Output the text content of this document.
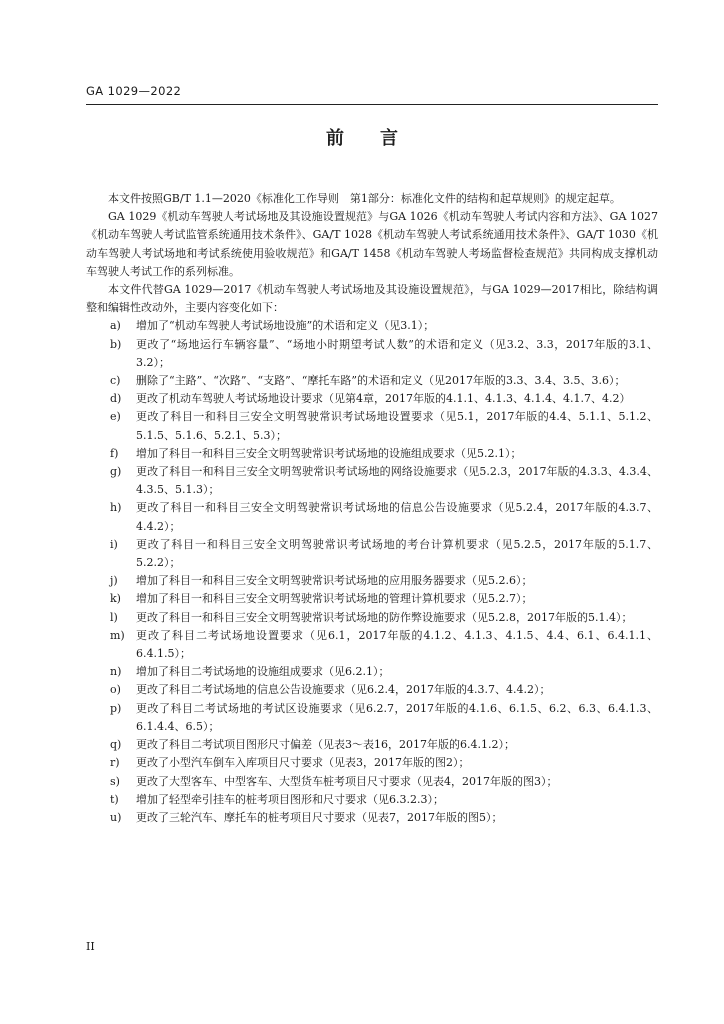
GA 1029—2022
前　　言

本文件按照GB/T 1.1—2020《标准化工作导则　第1部分：标准化文件的结构和起草规则》的规定起草。

GA 1029《机动车驾驶人考试场地及其设施设置规范》与GA 1026《机动车驾驶人考试内容和方法》、GA 1027《机动车驾驶人考试监管系统通用技术条件》、GA/T 1028《机动车驾驶人考试系统通用技术条件》、GA/T 1030《机动车驾驶人考试场地和考试系统使用验收规范》和GA/T 1458《机动车驾驶人考场监督检查规范》共同构成支撑机动车驾驶人考试工作的系列标准。

本文件代替GA 1029—2017《机动车驾驶人考试场地及其设施设置规范》，与GA 1029—2017相比，除结构调整和编辑性改动外，主要内容变化如下：

a)	增加了“机动车驾驶人考试场地设施”的术语和定义（见3.1）；
b)	更改了“场地运行车辆容量”、“场地小时期望考试人数”的术语和定义（见3.2、3.3，2017年版的3.1、3.2）；
c)	删除了“主路”、“次路”、“支路”、“摩托车路”的术语和定义（见2017年版的3.3、3.4、3.5、3.6）；
d)	更改了机动车驾驶人考试场地设计要求（见第4章，2017年版的4.1.1、4.1.3、4.1.4、4.1.7、4.2）
e)	更改了科目一和科目三安全文明驾驶常识考试场地设置要求（见5.1，2017年版的4.4、5.1.1、5.1.2、5.1.5、5.1.6、5.2.1、5.3）；
f)	增加了科目一和科目三安全文明驾驶常识考试场地的设施组成要求（见5.2.1）；
g)	更改了科目一和科目三安全文明驾驶常识考试场地的网络设施要求（见5.2.3，2017年版的4.3.3、4.3.4、4.3.5、5.1.3）；
h)	更改了科目一和科目三安全文明驾驶常识考试场地的信息公告设施要求（见5.2.4，2017年版的4.3.7、4.4.2）；
i)	更改了科目一和科目三安全文明驾驶常识考试场地的考台计算机要求（见5.2.5，2017年版的5.1.7、5.2.2）；
j)	增加了科目一和科目三安全文明驾驶常识考试场地的应用服务器要求（见5.2.6）；
k)	增加了科目一和科目三安全文明驾驶常识考试场地的管理计算机要求（见5.2.7）；
l)	更改了科目一和科目三安全文明驾驶常识考试场地的防作弊设施要求（见5.2.8，2017年版的5.1.4）；
m)	更改了科目二考试场地设置要求（见6.1，2017年版的4.1.2、4.1.3、4.1.5、4.4、6.1、6.4.1.1、6.4.1.5）；
n)	增加了科目二考试场地的设施组成要求（见6.2.1）；
o)	更改了科目二考试场地的信息公告设施要求（见6.2.4，2017年版的4.3.7、4.4.2）；
p)	更改了科目二考试场地的考试区设施要求（见6.2.7，2017年版的4.1.6、6.1.5、6.2、6.3、6.4.1.3、6.1.4.4、6.5）；
q)	更改了科目二考试项目图形尺寸偏差（见表3～表16，2017年版的6.4.1.2）；
r)	更改了小型汽车倒车入库项目尺寸要求（见表3，2017年版的图2）；
s)	更改了大型客车、中型客车、大型货车桩考项目尺寸要求（见表4，2017年版的图3）；
t)	增加了轻型牵引挂车的桩考项目图形和尺寸要求（见6.3.2.3）；
u)	更改了三轮汽车、摩托车的桩考项目尺寸要求（见表7，2017年版的图5）；
II
